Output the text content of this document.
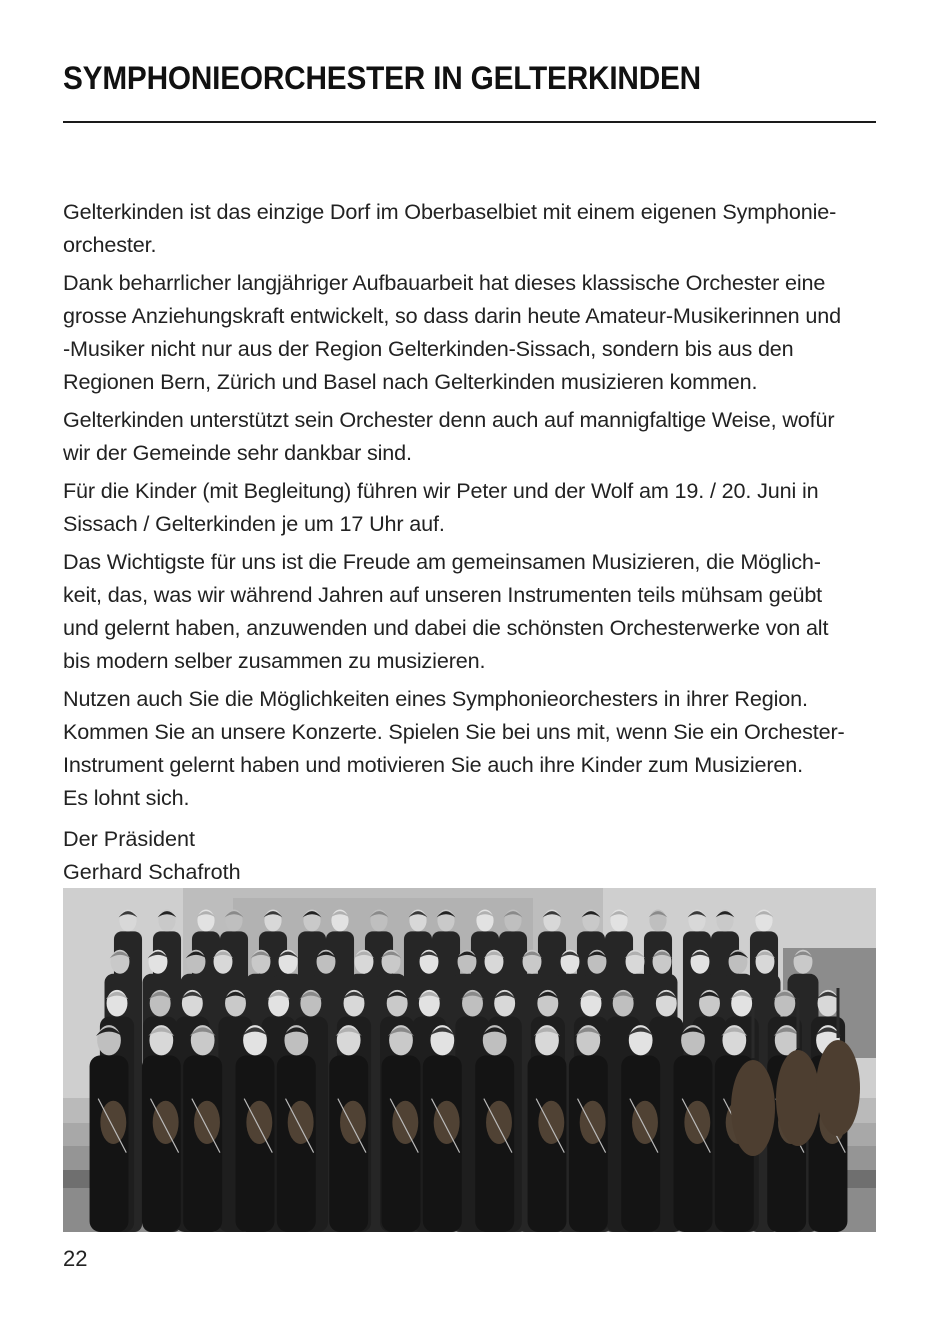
SYMPHONIEORCHESTER IN GELTERKINDEN

Gelterkinden ist das einzige Dorf im Oberbaselbiet mit einem eigenen Symphonie-
orchester.

Dank beharrlicher langjähriger Aufbauarbeit hat dieses klassische Orchester eine
grosse Anziehungskraft entwickelt, so dass darin heute Amateur-Musikerinnen und
-Musiker nicht nur aus der Region Gelterkinden-Sissach, sondern bis aus den
Regionen Bern, Zürich und Basel nach Gelterkinden musizieren kommen.

Gelterkinden unterstützt sein Orchester denn auch auf mannigfaltige Weise, wofür
wir der Gemeinde sehr dankbar sind.

Für die Kinder (mit Begleitung) führen wir Peter und der Wolf am 19. / 20. Juni in
Sissach / Gelterkinden je um 17 Uhr auf.

Das Wichtigste für uns ist die Freude am gemeinsamen Musizieren, die Möglich-
keit, das, was wir während Jahren auf unseren Instrumenten teils mühsam geübt
und gelernt haben, anzuwenden und dabei die schönsten Orchesterwerke von alt
bis modern selber zusammen zu musizieren.

Nutzen auch Sie die Möglichkeiten eines Symphonieorchesters in ihrer Region.
Kommen Sie an unsere Konzerte. Spielen Sie bei uns mit, wenn Sie ein Orchester-
Instrument gelernt haben und motivieren Sie auch ihre Kinder zum Musizieren.
Es lohnt sich.

Der Präsident
Gerhard Schafroth
22
